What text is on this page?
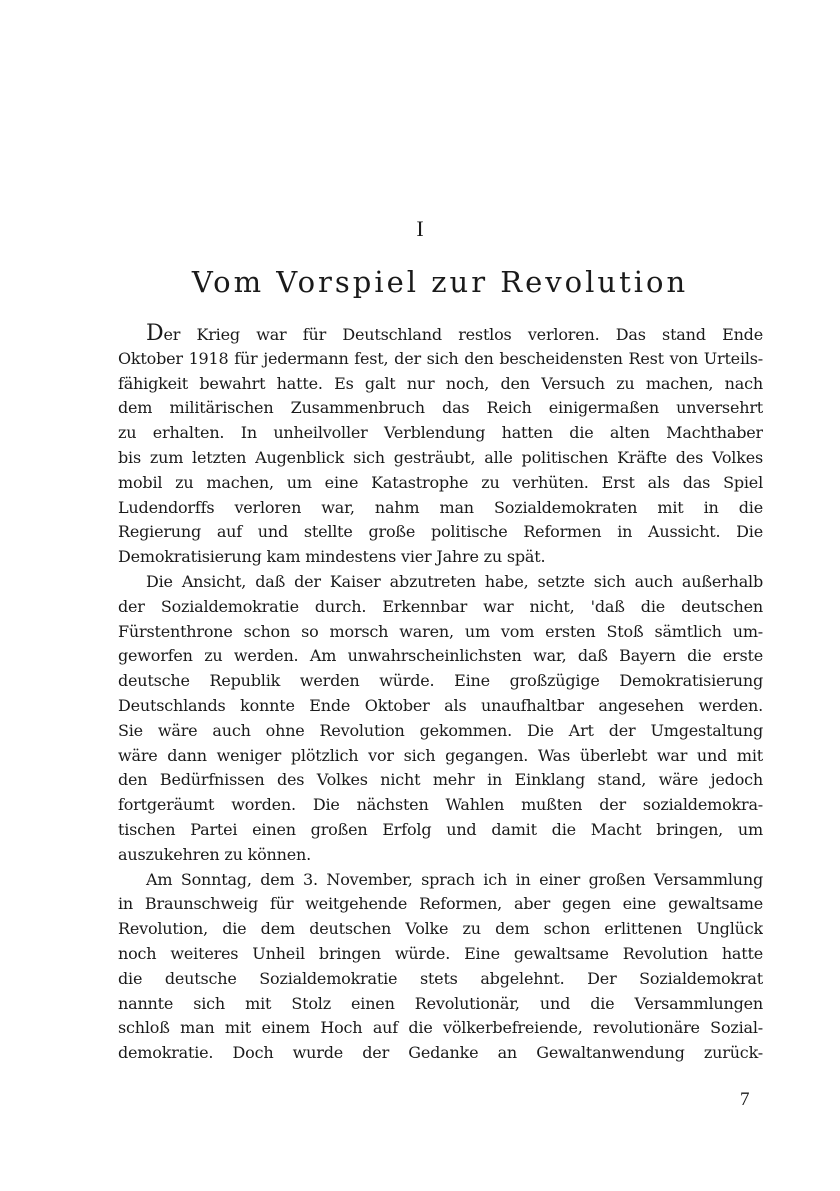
I
Vom Vorspiel zur Revolution
Der Krieg war für Deutschland restlos verloren. Das stand Ende
Oktober 1918 für jedermann fest, der sich den bescheidensten Rest von Urteils-
fähigkeit bewahrt hatte. Es galt nur noch, den Versuch zu machen, nach
dem militärischen Zusammenbruch das Reich einigermaßen unversehrt
zu erhalten. In unheilvoller Verblendung hatten die alten Machthaber
bis zum letzten Augenblick sich gesträubt, alle politischen Kräfte des Volkes
mobil zu machen, um eine Katastrophe zu verhüten. Erst als das Spiel
Ludendorffs verloren war, nahm man Sozialdemokraten mit in die
Regierung auf und stellte große politische Reformen in Aussicht. Die
Demokratisierung kam mindestens vier Jahre zu spät.
Die Ansicht, daß der Kaiser abzutreten habe, setzte sich auch außerhalb
der Sozialdemokratie durch. Erkennbar war nicht, 'daß die deutschen
Fürstenthrone schon so morsch waren, um vom ersten Stoß sämtlich um-
geworfen zu werden. Am unwahrscheinlichsten war, daß Bayern die erste
deutsche Republik werden würde. Eine großzügige Demokratisierung
Deutschlands konnte Ende Oktober als unaufhaltbar angesehen werden.
Sie wäre auch ohne Revolution gekommen. Die Art der Umgestaltung
wäre dann weniger plötzlich vor sich gegangen. Was überlebt war und mit
den Bedürfnissen des Volkes nicht mehr in Einklang stand, wäre jedoch
fortgeräumt worden. Die nächsten Wahlen mußten der sozialdemokra-
tischen Partei einen großen Erfolg und damit die Macht bringen, um
auszukehren zu können.
Am Sonntag, dem 3. November, sprach ich in einer großen Versammlung
in Braunschweig für weitgehende Reformen, aber gegen eine gewaltsame
Revolution, die dem deutschen Volke zu dem schon erlittenen Unglück
noch weiteres Unheil bringen würde. Eine gewaltsame Revolution hatte
die deutsche Sozialdemokratie stets abgelehnt. Der Sozialdemokrat
nannte sich mit Stolz einen Revolutionär, und die Versammlungen
schloß man mit einem Hoch auf die völkerbefreiende, revolutionäre Sozial-
demokratie. Doch wurde der Gedanke an Gewaltanwendung zurück-
7
